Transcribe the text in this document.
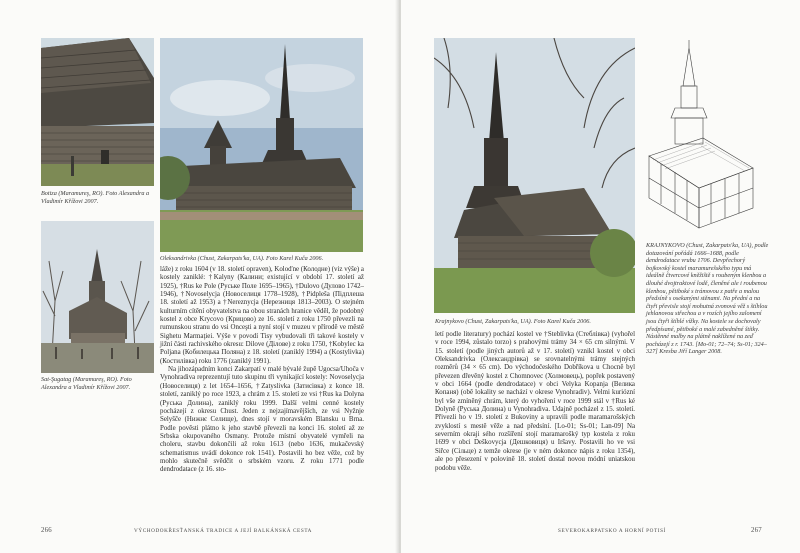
Botiza (Maramureş, RO). Foto Alexandra a Vladimír Křížovi 2007.
Sat-Şugatag (Maramureş, RO). Foto Alexandra a Vladimír Křížovi 2007.
Oleksandrivka (Chust, Zakarpats'ka, UA). Foto Karel Kuča 2006.

láže) z roku 1604 (v 18. století opraven), Koloďne (Колодне) (viz výše) a kostely zaniklé: †Kalyny (Калини; existující v období 17. století až 1925), †Rus ke Pole (Руське Поле 1695–1965), †Dulovo (Дулово 1742–1946), †Novoselycja (Новоселиця 1778–1928), †Pidplešа (Підплеша 18. století až 1953) a †Nereznycja (Нерезниця 1813–2003). O stejném kulturním cítění obyvatelstva na obou stranách hranice věděl, že podobný kostel z obce Krycovo (Крицово) ze 16. století z roku 1750 převezli na rumunskou stranu do vsi Onceşti a nyní stojí v muzeu v přírodě ve městě Sighetu Marmaţiei. Výše v povodí Tisy vybudovali tři takové kostely v jižní části rachivského okresu: Dilove (Ділове) z roku 1750, †Kobylec ka Poljana (Кобилецька Поляна) z 18. století (zaniklý 1994) a (Kostylivka) (Костилівка) roku 1776 (zaniklý 1991).

Na jihozápadním konci Zakarpatí v malé bývalé župě Ugocsa/Uhoča v Vynohradiva reprezentují tuto skupinu tři vynikající kostely: Novoselycja (Новоселиця) z let 1654–1656, †Zatyslivka (Затисівка) z konce 18. století, zaniklý po roce 1923, a chrám z 15. století ze vsi †Rus ka Dolyna (Руська Долина), zaniklý roku 1999. Další velmi cenné kostely pocházejí z okresu Chust. Jeden z nejzajímavějších, ze vsi Nyžnje Selyšče (Нижнє Селище), dnes stojí v moravském Blansku u Brna. Podle pověsti plátno k jeho stavbě převezli na konci 16. století až ze Srbska okupovaného Osmany. Protože místní obyvatelé vymřeli na choleru, stavbu dokončili až roku 1613 (nebo 1636, mukačevský schematismus uvádí dokonce rok 1541). Postavili ho bez věže, což by mohlo skutečně svědčit o srbském vzoru. Z roku 1771 podle dendrodatace (z 16. sto-

266	VÝCHODOKŘESŤANSKÁ TRADICE A JEJÍ BALKÁNSKÁ CESTA
Krajnykovo (Chust, Zakarpats'ka, UA). Foto Karel Kuča 2006.
KRAJNYKOVO (Chust, Zakarpats'ka, UA), podle dotazování pořádá 1666–1688, podle dendrodatace vrubu 1706. Devpřechorý bojkovský kostel maramurešského typu má ideálně čtvercové kněžiště s roubeným klenbou a dlouhé dvojtraktové lodě, členěné ale i roubenou klenbou, pětiboké s trámovou z patře a malou předsíně s osekanými stěnami. Na přední a na čtyři převisle stojí mohutná zvonová věž s štíhlou jehlanovou střechou a v rozích jejího zalomení jsou čtyři štíhlé vížky. Na kostele se dochovaly předpísané, pětiboké a malé zabedněné štítky. Nástěnné malby na plátně naklížené na zeď pocházejí z r. 1743. [Mo-01; 72–74; Ss-01; 324–327] Kresba Jiří Langer 2008.

letí podle literatury) pochází kostel ve †Steblivka (Стеблівка) (vyhořel v roce 1994, zůstalo torzo) s prahovými trámy 34 × 65 cm silnými. V 15. století (podle jiných autorů až v 17. století) vznikl kostel v obci Oleksandrivka (Олександрівка) se srovnatelnými trámy stejných rozměrů (34 × 65 cm). Do východočeského Dobříkova u Chocně byl převezen dřevěný kostel z Chomnovec (Холмовець), popřek postavený v obci 1664 (podle dendrodatace) v obci Velyka Kopanja (Велика Копаня) (obě lokality se nachází v okrese Vynohradiv). Velmi kuriózní byl vše zmíněný chrám, který do vyhoření v roce 1999 stál v †Rus ké Dolyně (Руська Долина) u Vynohradiva. Udajně pocházel z 15. století. Přivezli ho v 19. století z Bukoviny a upravili podle maramarošských zvyklostí s mestě věže a nad předsíní. [Lo-01; Ss-01; Lan-09] Na severním okraji sého rozšíření stojí maramarošký typ kostela z roku 1699 v obci Deškovycja (Дешковиця) u Iršavy. Postavili ho ve vsi Siřce (Сільце) z temže okrese (je v ném dokonce nápis z roku 1354), ale po přesezení v polovině 18. století dostal novou módní uniatskou podobu věže.

SEVEROKARPATSKO A HORNÍ POTISÍ	267
